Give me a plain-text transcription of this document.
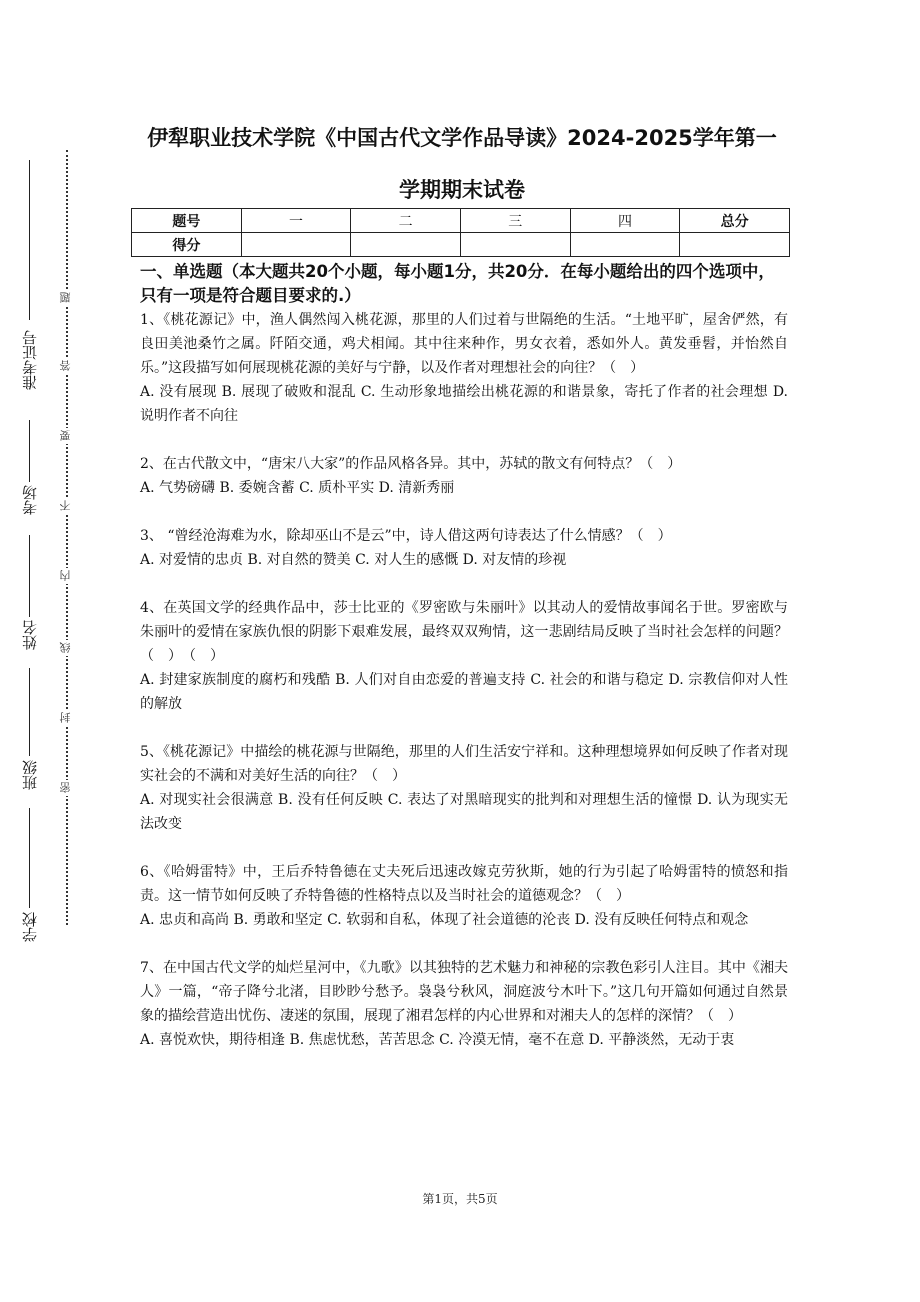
准考证号
考场
姓名
班级
学校
题
答
要
不
内
线
封
密
伊犁职业技术学院《中国古代文学作品导读》2024-2025学年第一
学期期末试卷
题号	一	二	三	四	总分
得分					

一、单选题（本大题共20个小题，每小题1分，共20分．在每小题给出的四个选项中，只有一项是符合题目要求的.）

1、《桃花源记》中，渔人偶然闯入桃花源，那里的人们过着与世隔绝的生活。“土地平旷，屋舍俨然，有良田美池桑竹之属。阡陌交通，鸡犬相闻。其中往来种作，男女衣着，悉如外人。黄发垂髫，并怡然自乐。”这段描写如何展现桃花源的美好与宁静，以及作者对理想社会的向往？（　）

A. 没有展现 B. 展现了破败和混乱 C. 生动形象地描绘出桃花源的和谐景象，寄托了作者的社会理想 D. 说明作者不向往

2、在古代散文中，“唐宋八大家”的作品风格各异。其中，苏轼的散文有何特点？（　）

A. 气势磅礴 B. 委婉含蓄 C. 质朴平实 D. 清新秀丽

3、 “曾经沧海难为水，除却巫山不是云”中，诗人借这两句诗表达了什么情感？（　）

A. 对爱情的忠贞 B. 对自然的赞美 C. 对人生的感慨 D. 对友情的珍视

4、在英国文学的经典作品中，莎士比亚的《罗密欧与朱丽叶》以其动人的爱情故事闻名于世。罗密欧与朱丽叶的爱情在家族仇恨的阴影下艰难发展，最终双双殉情，这一悲剧结局反映了当时社会怎样的问题？（　）　（　）

A. 封建家族制度的腐朽和残酷 B. 人们对自由恋爱的普遍支持 C. 社会的和谐与稳定 D. 宗教信仰对人性的解放

5、《桃花源记》中描绘的桃花源与世隔绝，那里的人们生活安宁祥和。这种理想境界如何反映了作者对现实社会的不满和对美好生活的向往？（　）

A. 对现实社会很满意 B. 没有任何反映 C. 表达了对黑暗现实的批判和对理想生活的憧憬 D. 认为现实无法改变

6、《哈姆雷特》中，王后乔特鲁德在丈夫死后迅速改嫁克劳狄斯，她的行为引起了哈姆雷特的愤怒和指责。这一情节如何反映了乔特鲁德的性格特点以及当时社会的道德观念？（　）

A. 忠贞和高尚 B. 勇敢和坚定 C. 软弱和自私，体现了社会道德的沦丧 D. 没有反映任何特点和观念

7、在中国古代文学的灿烂星河中，《九歌》以其独特的艺术魅力和神秘的宗教色彩引人注目。其中《湘夫人》一篇，“帝子降兮北渚，目眇眇兮愁予。袅袅兮秋风，洞庭波兮木叶下。”这几句开篇如何通过自然景象的描绘营造出忧伤、凄迷的氛围，展现了湘君怎样的内心世界和对湘夫人的怎样的深情？（　）

A. 喜悦欢快，期待相逢 B. 焦虑忧愁，苦苦思念 C. 冷漠无情，毫不在意 D. 平静淡然，无动于衷

第1页，共5页
